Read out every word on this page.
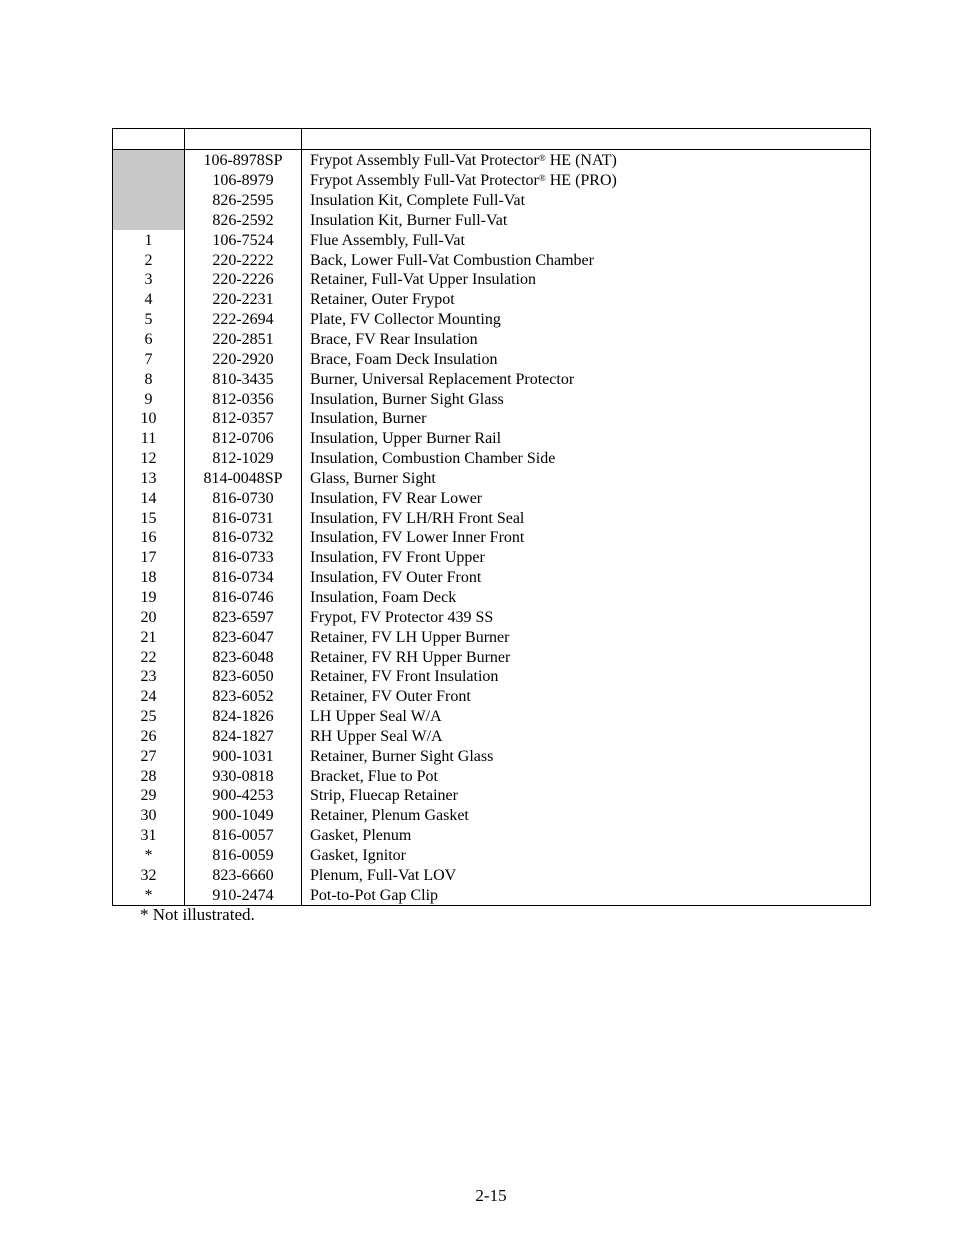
	106-8978SP	Frypot Assembly Full-Vat Protector® HE (NAT)
	106-8979	Frypot Assembly Full-Vat Protector® HE (PRO)
	826-2595	Insulation Kit, Complete Full-Vat
	826-2592	Insulation Kit, Burner Full-Vat
1	106-7524	Flue Assembly, Full-Vat
2	220-2222	Back, Lower Full-Vat Combustion Chamber
3	220-2226	Retainer, Full-Vat Upper Insulation
4	220-2231	Retainer, Outer Frypot
5	222-2694	Plate, FV Collector Mounting
6	220-2851	Brace, FV Rear Insulation
7	220-2920	Brace, Foam Deck Insulation
8	810-3435	Burner, Universal Replacement Protector
9	812-0356	Insulation, Burner Sight Glass
10	812-0357	Insulation, Burner
11	812-0706	Insulation, Upper Burner Rail
12	812-1029	Insulation, Combustion Chamber Side
13	814-0048SP	Glass, Burner Sight
14	816-0730	Insulation, FV Rear Lower
15	816-0731	Insulation, FV LH/RH Front Seal
16	816-0732	Insulation, FV Lower Inner Front
17	816-0733	Insulation, FV Front Upper
18	816-0734	Insulation, FV Outer Front
19	816-0746	Insulation, Foam Deck
20	823-6597	Frypot, FV Protector 439 SS
21	823-6047	Retainer, FV LH Upper Burner
22	823-6048	Retainer, FV RH Upper Burner
23	823-6050	Retainer, FV Front Insulation
24	823-6052	Retainer, FV Outer Front
25	824-1826	LH Upper Seal W/A
26	824-1827	RH Upper Seal W/A
27	900-1031	Retainer, Burner Sight Glass
28	930-0818	Bracket, Flue to Pot
29	900-4253	Strip, Fluecap Retainer
30	900-1049	Retainer, Plenum Gasket
31	816-0057	Gasket, Plenum
*	816-0059	Gasket, Ignitor
32	823-6660	Plenum, Full-Vat LOV
*	910-2474	Pot-to-Pot Gap Clip
* Not illustrated.
2-15
